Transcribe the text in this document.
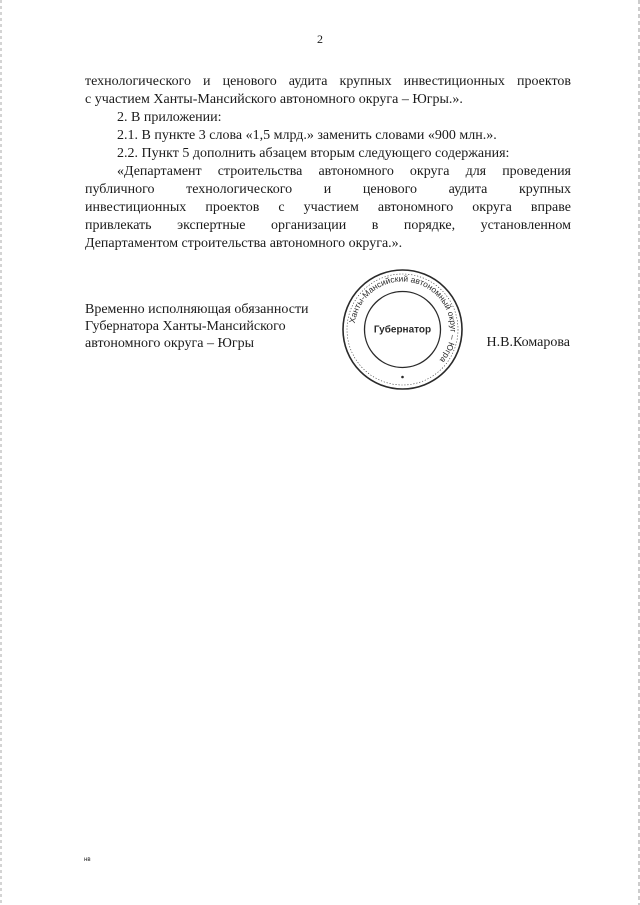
2
технологического и ценового аудита крупных инвестиционных проектов
с участием Ханты-Мансийского автономного округа – Югры.».
2. В приложении:
2.1. В пункте 3 слова «1,5 млрд.» заменить словами «900 млн.».
2.2. Пункт 5 дополнить абзацем вторым следующего содержания:
«Департамент строительства автономного округа для проведения
публичного технологического и ценового аудита крупных
инвестиционных проектов с участием автономного округа вправе
привлекать экспертные организации в порядке, установленном
Департаментом строительства автономного округа.».
Временно исполняющая обязанности
Губернатора Ханты-Мансийского
автономного округа – Югры
Ханты-Мансийский автономный округ – Югра
Губернатор
Н.В.Комарова
нв
